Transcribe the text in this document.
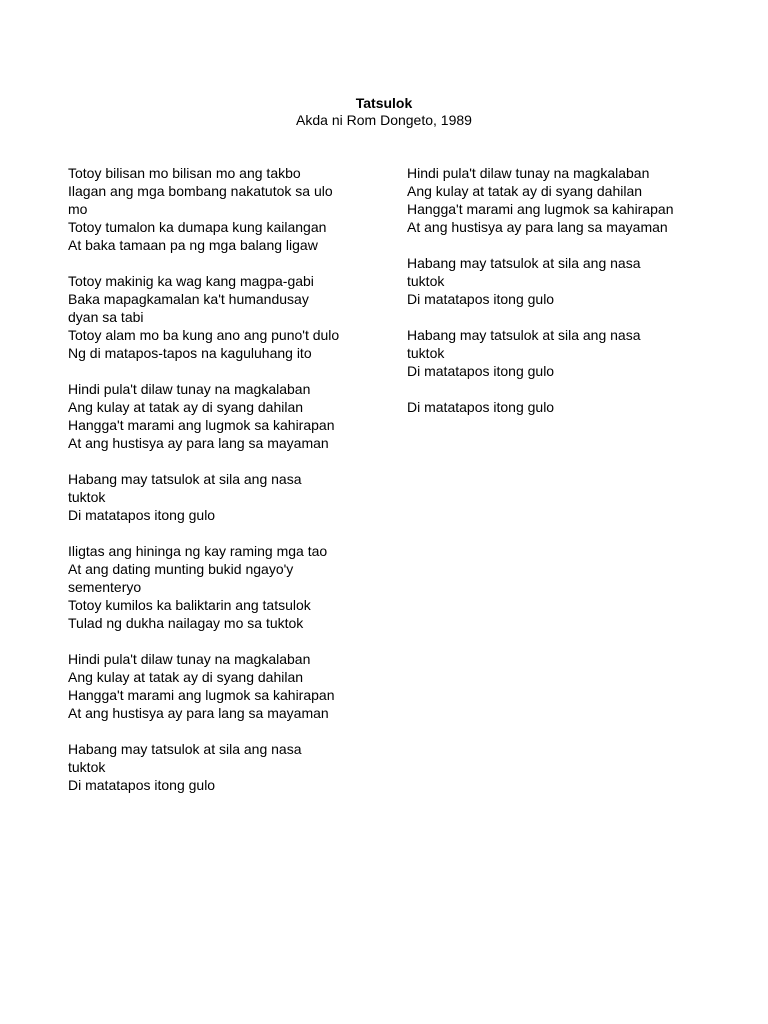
Tatsulok
Akda ni Rom Dongeto, 1989
Totoy bilisan mo bilisan mo ang takbo
Ilagan ang mga bombang nakatutok sa ulo
mo
Totoy tumalon ka dumapa kung kailangan
At baka tamaan pa ng mga balang ligaw
Totoy makinig ka wag kang magpa-gabi
Baka mapagkamalan ka't humandusay
dyan sa tabi
Totoy alam mo ba kung ano ang puno't dulo
Ng di matapos-tapos na kaguluhang ito
Hindi pula't dilaw tunay na magkalaban
Ang kulay at tatak ay di syang dahilan
Hangga't marami ang lugmok sa kahirapan
At ang hustisya ay para lang sa mayaman
Habang may tatsulok at sila ang nasa
tuktok
Di matatapos itong gulo
Iligtas ang hininga ng kay raming mga tao
At ang dating munting bukid ngayo'y
sementeryo
Totoy kumilos ka baliktarin ang tatsulok
Tulad ng dukha nailagay mo sa tuktok
Hindi pula't dilaw tunay na magkalaban
Ang kulay at tatak ay di syang dahilan
Hangga't marami ang lugmok sa kahirapan
At ang hustisya ay para lang sa mayaman
Habang may tatsulok at sila ang nasa
tuktok
Di matatapos itong gulo
Hindi pula't dilaw tunay na magkalaban
Ang kulay at tatak ay di syang dahilan
Hangga't marami ang lugmok sa kahirapan
At ang hustisya ay para lang sa mayaman
Habang may tatsulok at sila ang nasa
tuktok
Di matatapos itong gulo
Habang may tatsulok at sila ang nasa
tuktok
Di matatapos itong gulo
Di matatapos itong gulo
